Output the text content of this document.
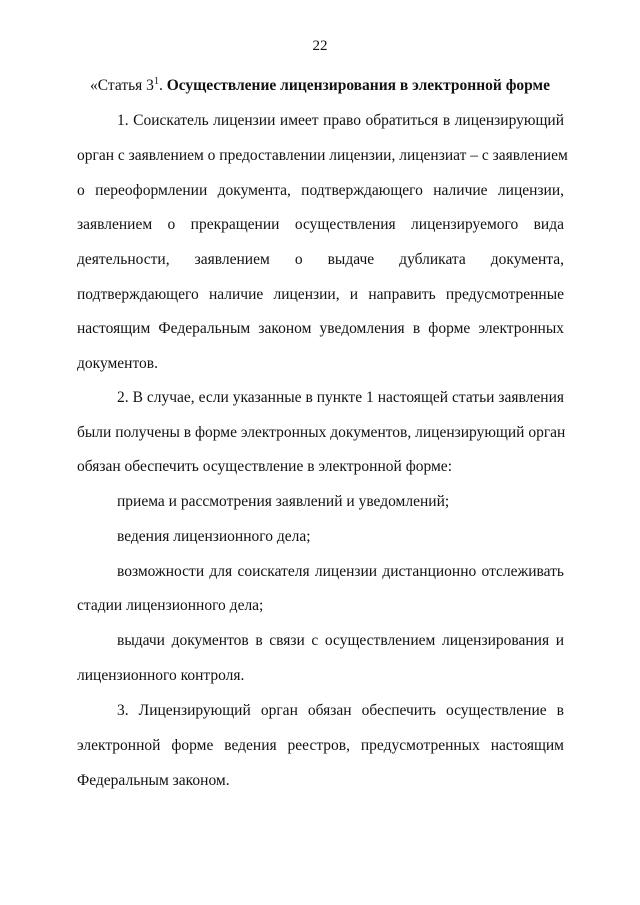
22
«Статья $3^1$. Осуществление лицензирования в электронной форме
1. Соискатель лицензии имеет право обратиться в лицензирующий
орган с заявлением о предоставлении лицензии, лицензиат – с заявлением
о переоформлении документа, подтверждающего наличие лицензии,
заявлением о прекращении осуществления лицензируемого вида
деятельности, заявлением о выдаче дубликата документа,
подтверждающего наличие лицензии, и направить предусмотренные
настоящим Федеральным законом уведомления в форме электронных
документов.
2. В случае, если указанные в пункте 1 настоящей статьи заявления
были получены в форме электронных документов, лицензирующий орган
обязан обеспечить осуществление в электронной форме:
приема и рассмотрения заявлений и уведомлений;
ведения лицензионного дела;
возможности для соискателя лицензии дистанционно отслеживать
стадии лицензионного дела;
выдачи документов в связи с осуществлением лицензирования и
лицензионного контроля.
3. Лицензирующий орган обязан обеспечить осуществление в
электронной форме ведения реестров, предусмотренных настоящим
Федеральным законом.
